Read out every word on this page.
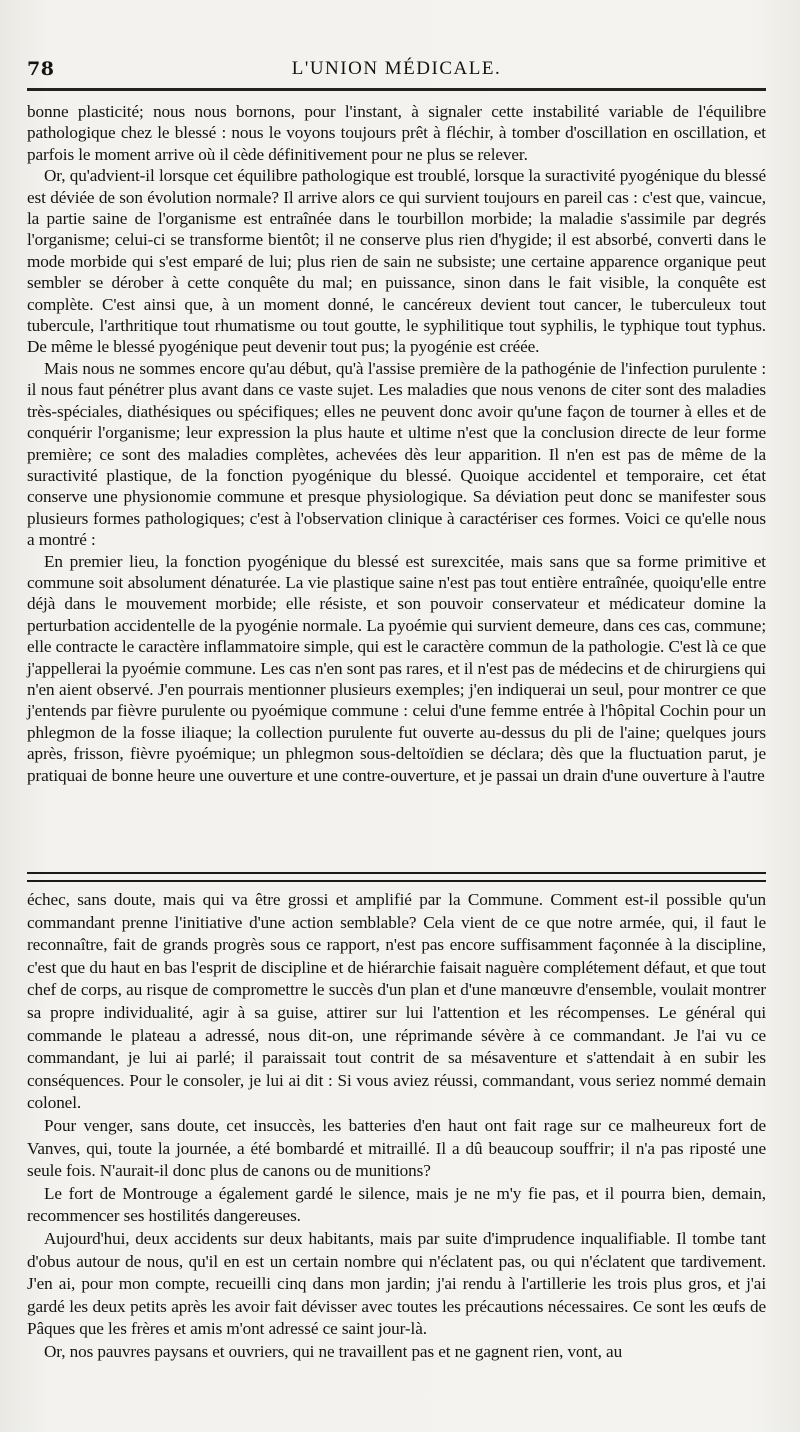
78	L'UNION MÉDICALE.

bonne plasticité; nous nous bornons, pour l'instant, à signaler cette instabilité variable de l'équilibre pathologique chez le blessé : nous le voyons toujours prêt à fléchir, à tomber d'oscillation en oscillation, et parfois le moment arrive où il cède définitivement pour ne plus se relever.

Or, qu'advient-il lorsque cet équilibre pathologique est troublé, lorsque la suractivité pyogénique du blessé est déviée de son évolution normale? Il arrive alors ce qui survient toujours en pareil cas : c'est que, vaincue, la partie saine de l'organisme est entraînée dans le tourbillon morbide; la maladie s'assimile par degrés l'organisme; celui-ci se transforme bientôt; il ne conserve plus rien d'hygide; il est absorbé, converti dans le mode morbide qui s'est emparé de lui; plus rien de sain ne subsiste; une certaine apparence organique peut sembler se dérober à cette conquête du mal; en puissance, sinon dans le fait visible, la conquête est complète. C'est ainsi que, à un moment donné, le cancéreux devient tout cancer, le tuberculeux tout tubercule, l'arthritique tout rhumatisme ou tout goutte, le syphilitique tout syphilis, le typhique tout typhus. De même le blessé pyogénique peut devenir tout pus; la pyogénie est créée.

Mais nous ne sommes encore qu'au début, qu'à l'assise première de la pathogénie de l'infection purulente : il nous faut pénétrer plus avant dans ce vaste sujet. Les maladies que nous venons de citer sont des maladies très-spéciales, diathésiques ou spécifiques; elles ne peuvent donc avoir qu'une façon de tourner à elles et de conquérir l'organisme; leur expression la plus haute et ultime n'est que la conclusion directe de leur forme première; ce sont des maladies complètes, achevées dès leur apparition. Il n'en est pas de même de la suractivité plastique, de la fonction pyogénique du blessé. Quoique accidentel et temporaire, cet état conserve une physionomie commune et presque physiologique. Sa déviation peut donc se manifester sous plusieurs formes pathologiques; c'est à l'observation clinique à caractériser ces formes. Voici ce qu'elle nous a montré :

En premier lieu, la fonction pyogénique du blessé est surexcitée, mais sans que sa forme primitive et commune soit absolument dénaturée. La vie plastique saine n'est pas tout entière entraînée, quoiqu'elle entre déjà dans le mouvement morbide; elle résiste, et son pouvoir conservateur et médicateur domine la perturbation accidentelle de la pyogénie normale. La pyoémie qui survient demeure, dans ces cas, commune; elle contracte le caractère inflammatoire simple, qui est le caractère commun de la pathologie. C'est là ce que j'appellerai la pyoémie commune. Les cas n'en sont pas rares, et il n'est pas de médecins et de chirurgiens qui n'en aient observé. J'en pourrais mentionner plusieurs exemples; j'en indiquerai un seul, pour montrer ce que j'entends par fièvre purulente ou pyoémique commune : celui d'une femme entrée à l'hôpital Cochin pour un phlegmon de la fosse iliaque; la collection purulente fut ouverte au-dessus du pli de l'aine; quelques jours après, frisson, fièvre pyoémique; un phlegmon sous-deltoïdien se déclara; dès que la fluctuation parut, je pratiquai de bonne heure une ouverture et une contre-ouverture, et je passai un drain d'une ouverture à l'autre

échec, sans doute, mais qui va être grossi et amplifié par la Commune. Comment est-il possible qu'un commandant prenne l'initiative d'une action semblable? Cela vient de ce que notre armée, qui, il faut le reconnaître, fait de grands progrès sous ce rapport, n'est pas encore suffisamment façonnée à la discipline, c'est que du haut en bas l'esprit de discipline et de hiérarchie faisait naguère complétement défaut, et que tout chef de corps, au risque de compromettre le succès d'un plan et d'une manœuvre d'ensemble, voulait montrer sa propre individualité, agir à sa guise, attirer sur lui l'attention et les récompenses. Le général qui commande le plateau a adressé, nous dit-on, une réprimande sévère à ce commandant. Je l'ai vu ce commandant, je lui ai parlé; il paraissait tout contrit de sa mésaventure et s'attendait à en subir les conséquences. Pour le consoler, je lui ai dit : Si vous aviez réussi, commandant, vous seriez nommé demain colonel.

Pour venger, sans doute, cet insuccès, les batteries d'en haut ont fait rage sur ce malheureux fort de Vanves, qui, toute la journée, a été bombardé et mitraillé. Il a dû beaucoup souffrir; il n'a pas riposté une seule fois. N'aurait-il donc plus de canons ou de munitions?

Le fort de Montrouge a également gardé le silence, mais je ne m'y fie pas, et il pourra bien, demain, recommencer ses hostilités dangereuses.

Aujourd'hui, deux accidents sur deux habitants, mais par suite d'imprudence inqualifiable. Il tombe tant d'obus autour de nous, qu'il en est un certain nombre qui n'éclatent pas, ou qui n'éclatent que tardivement. J'en ai, pour mon compte, recueilli cinq dans mon jardin; j'ai rendu à l'artillerie les trois plus gros, et j'ai gardé les deux petits après les avoir fait dévisser avec toutes les précautions nécessaires. Ce sont les œufs de Pâques que les frères et amis m'ont adressé ce saint jour-là.

Or, nos pauvres paysans et ouvriers, qui ne travaillent pas et ne gagnent rien, vont, au
